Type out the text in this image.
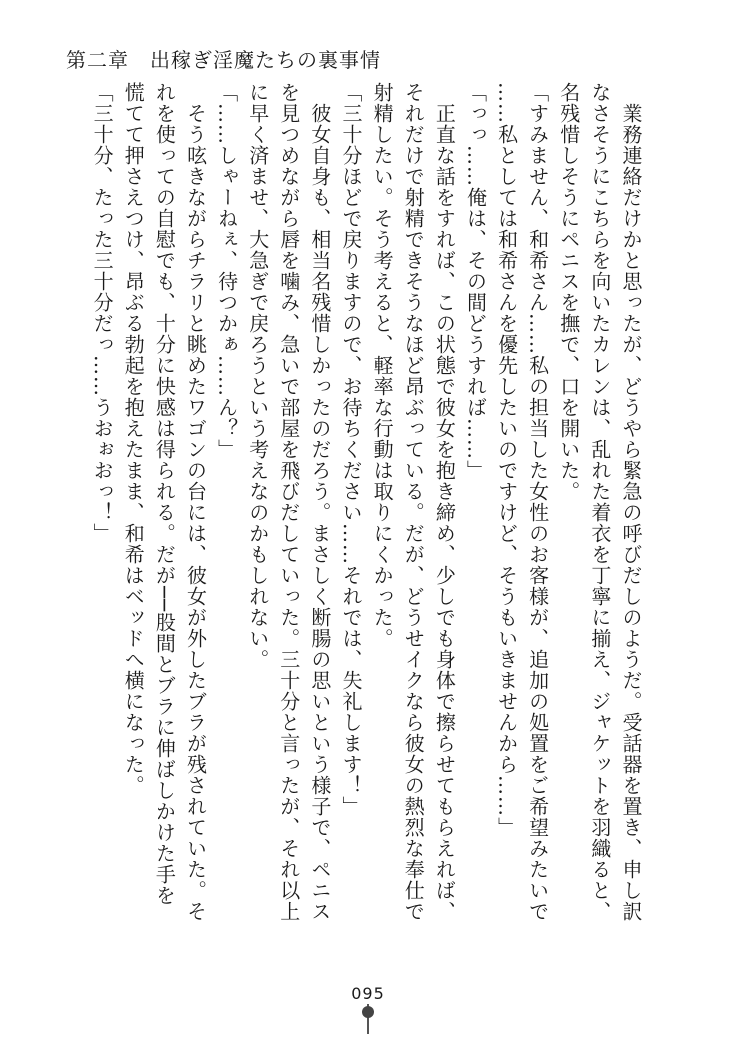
第二章　出稼ぎ淫魔たちの裏事情
　業務連絡だけかと思ったが、どうやら緊急の呼びだしのようだ。受話器を置き、申し訳
なさそうにこちらを向いたカレンは、乱れた着衣を丁寧に揃え、ジャケットを羽織ると、
名残惜しそうにペニスを撫で、口を開いた。
「すみません、和希さん……私の担当した女性のお客様が、追加の処置をご希望みたいで
……私としては和希さんを優先したいのですけど、そうもいきませんから……」
「っっ……俺は、その間どうすれば……」
　正直な話をすれば、この状態で彼女を抱き締め、少しでも身体で擦らせてもらえれば、
それだけで射精できそうなほど昂ぶっている。だが、どうせイクなら彼女の熱烈な奉仕で
射精したい。そう考えると、軽率な行動は取りにくかった。
「三十分ほどで戻りますので、お待ちください……それでは、失礼します！」
　彼女自身も、相当名残惜しかったのだろう。まさしく断腸の思いという様子で、ペニス
を見つめながら唇を噛み、急いで部屋を飛びだしていった。三十分と言ったが、それ以上
に早く済ませ、大急ぎで戻ろうという考えなのかもしれない。
「……しゃーねぇ、待つかぁ……ん？」
　そう呟きながらチラリと眺めたワゴンの台には、彼女が外したブラが残されていた。そ
れを使っての自慰でも、十分に快感は得られる。だが──股間とブラに伸ばしかけた手を
慌てて押さえつけ、昂ぶる勃起を抱えたまま、和希はベッドへ横になった。
「三十分、たった三十分だっ……うおぉおっ！」
095
